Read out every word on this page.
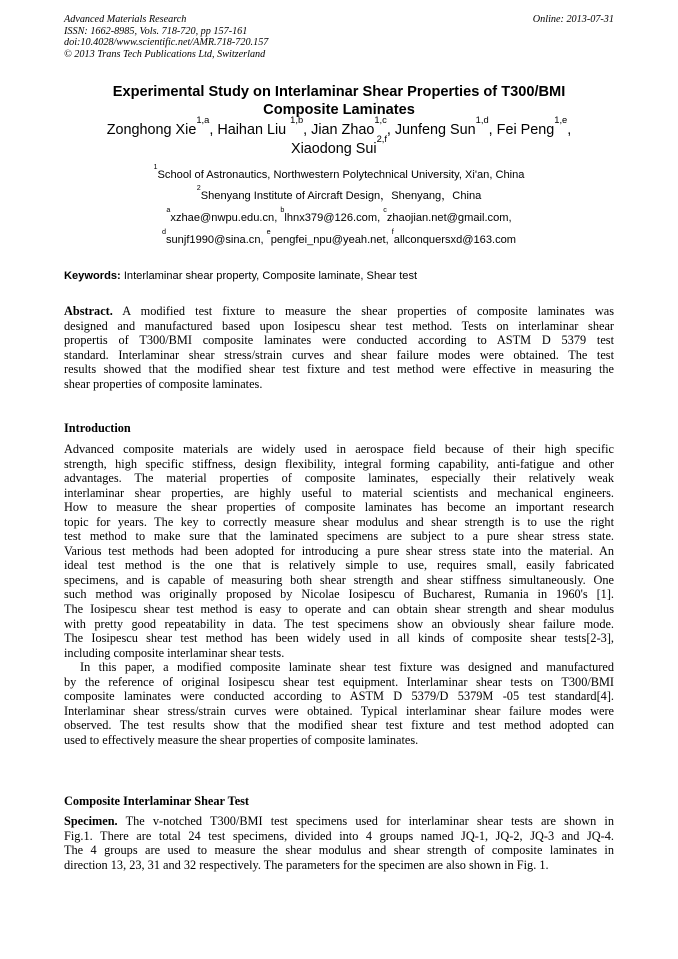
Advanced Materials Research
ISSN: 1662-8985, Vols. 718-720, pp 157-161
doi:10.4028/www.scientific.net/AMR.718-720.157
© 2013 Trans Tech Publications Ltd, Switzerland
Online: 2013-07-31
Experimental Study on Interlaminar Shear Properties of T300/BMI
Composite Laminates
Zonghong Xie$^{1,a}$, Haihan Liu $^{1,b}$, Jian Zhao$^{1,c}$, Junfeng Sun$^{1,d}$, Fei Peng$^{1,e}$,
Xiaodong Sui$^{2,f}$
$^1$School of Astronautics, Northwestern Polytechnical University, Xi'an, China
$^2$Shenyang Institute of Aircraft Design，Shenyang，China
$^a$xzhae@nwpu.edu.cn, $^b$lhnx379@126.com, $^c$zhaojian.net@gmail.com,
$^d$sunjf1990@sina.cn, $^e$pengfei_npu@yeah.net, $^f$allconquersxd@163.com
Keywords: Interlaminar shear property, Composite laminate, Shear test
Abstract. A modified test fixture to measure the shear properties of composite laminates was
designed and manufactured based upon Iosipescu shear test method. Tests on interlaminar shear
propertis of T300/BMI composite laminates were conducted according to ASTM D 5379 test
standard. Interlaminar shear stress/strain curves and shear failure modes were obtained. The test
results showed that the modified shear test fixture and test method were effective in measuring the
shear properties of composite laminates.
Introduction
Advanced composite materials are widely used in aerospace field because of their high specific
strength, high specific stiffness, design flexibility, integral forming capability, anti-fatigue and other
advantages. The material properties of composite laminates, especially their relatively weak
interlaminar shear properties, are highly useful to material scientists and mechanical engineers.
How to measure the shear properties of composite laminates has become an important research
topic for years. The key to correctly measure shear modulus and shear strength is to use the right
test method to make sure that the laminated specimens are subject to a pure shear stress state.
Various test methods had been adopted for introducing a pure shear stress state into the material. An
ideal test method is the one that is relatively simple to use, requires small, easily fabricated
specimens, and is capable of measuring both shear strength and shear stiffness simultaneously. One
such method was originally proposed by Nicolae Iosipescu of Bucharest, Rumania in 1960's [1].
The Iosipescu shear test method is easy to operate and can obtain shear strength and shear modulus
with pretty good repeatability in data. The test specimens show an obviously shear failure mode.
The Iosipescu shear test method has been widely used in all kinds of composite shear tests[2-3],
including composite interlaminar shear tests.
In this paper, a modified composite laminate shear test fixture was designed and manufactured
by the reference of original Iosipescu shear test equipment. Interlaminar shear tests on T300/BMI
composite laminates were conducted according to ASTM D 5379/D 5379M -05 test standard[4].
Interlaminar shear stress/strain curves were obtained. Typical interlaminar shear failure modes were
observed. The test results show that the modified shear test fixture and test method adopted can
used to effectively measure the shear properties of composite laminates.
Composite Interlaminar Shear Test
Specimen. The v-notched T300/BMI test specimens used for interlaminar shear tests are shown in
Fig.1. There are total 24 test specimens, divided into 4 groups named JQ-1, JQ-2, JQ-3 and JQ-4.
The 4 groups are used to measure the shear modulus and shear strength of composite laminates in
direction 13, 23, 31 and 32 respectively. The parameters for the specimen are also shown in Fig. 1.
